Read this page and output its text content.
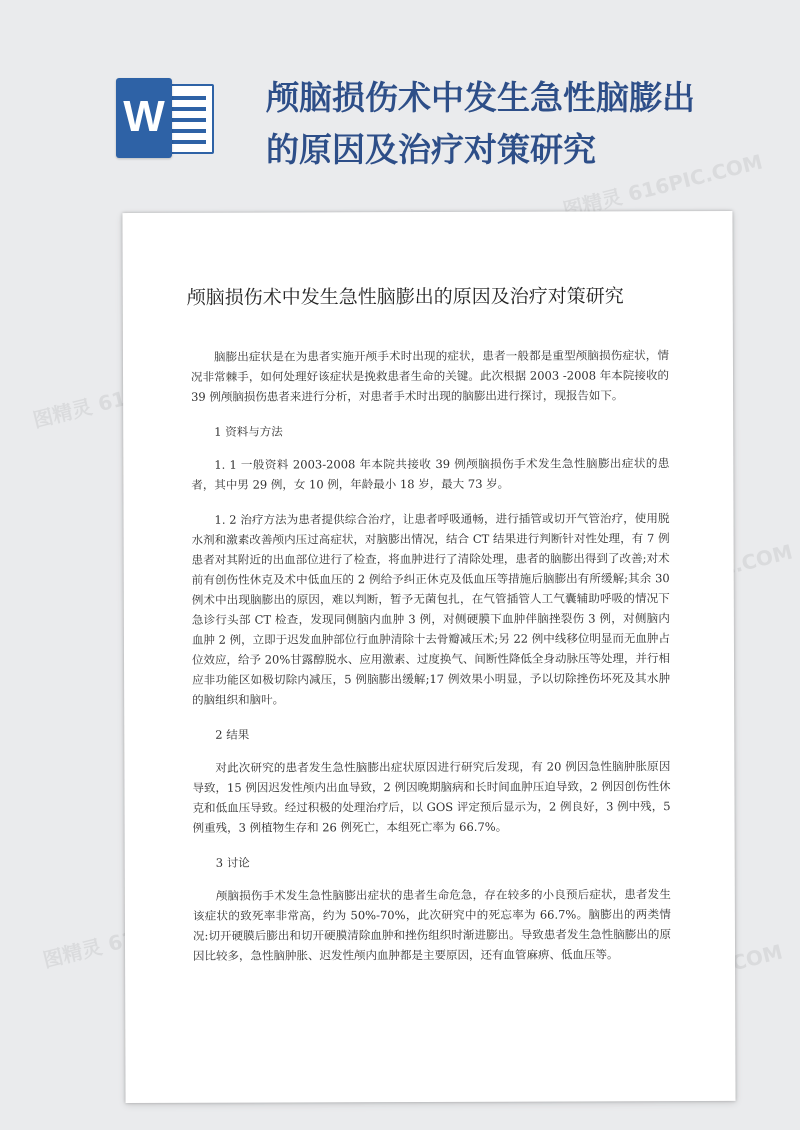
W	颅脑损伤术中发生急性脑膨出的原因及治疗对策研究
图精灵
图精灵 616PIC.COM
图精灵
颅脑损伤术中发生急性脑膨出的原因及治疗对策研究

脑膨出症状是在为患者实施开颅手术时出现的症状，患者一般都是重型颅脑损伤症状，情况非常棘手，如何处理好该症状是挽救患者生命的关键。此次根据 2003 -2008 年本院接收的 39 例颅脑损伤患者来进行分析，对患者手术时出现的脑膨出进行探讨，现报告如下。

1 资料与方法

1. 1 一般资料 2003-2008 年本院共接收 39 例颅脑损伤手术发生急性脑膨出症状的患者，其中男 29 例，女 10 例，年龄最小 18 岁，最大 73 岁。

1. 2 治疗方法为患者提供综合治疗，让患者呼吸通畅，进行插管或切开气管治疗，使用脱水剂和激素改善颅内压过高症状，对脑膨出情况，结合 CT 结果进行判断针对性处理，有 7 例患者对其附近的出血部位进行了检查，将血肿进行了清除处理，患者的脑膨出得到了改善;对术前有创伤性休克及术中低血压的 2 例给予纠正休克及低血压等措施后脑膨出有所缓解;其余 30 例术中出现脑膨出的原因，难以判断，暂予无菌包扎，在气管插管人工气囊辅助呼吸的情况下急诊行头部 CT 检查，发现同侧脑内血肿 3 例，对侧硬膜下血肿伴脑挫裂伤 3 例，对侧脑内血肿 2 例，立即于迟发血肿部位行血肿清除十去骨瓣减压术;另 22 例中线移位明显而无血肿占位效应，给予 20%甘露醇脱水、应用激素、过度换气、间断性降低全身动脉压等处理，并行相应非功能区如极切除内减压，5 例脑膨出缓解;17 例效果小明显，予以切除挫伤坏死及其水肿的脑组织和脑叶。

2 结果

对此次研究的患者发生急性脑膨出症状原因进行研究后发现，有 20 例因急性脑肿胀原因导致，15 例因迟发性颅内出血导致，2 例因晚期脑病和长时间血肿压迫导致，2 例因创伤性休克和低血压导致。经过积极的处理治疗后，以 GOS 评定预后显示为，2 例良好，3 例中残，5 例重残，3 例植物生存和 26 例死亡，本组死亡率为 66.7%。

3 讨论

颅脑损伤手术发生急性脑膨出症状的患者生命危急，存在较多的小良预后症状，患者发生该症状的致死率非常高，约为 50%-70%，此次研究中的死忘率为 66.7%。脑膨出的两类情况:切开硬膜后膨出和切开硬膜清除血肿和挫伤组织时渐进膨出。导致患者发生急性脑膨出的原因比较多，急性脑肿胀、迟发性颅内血肿都是主要原因，还有血管麻痹、低血压等。
